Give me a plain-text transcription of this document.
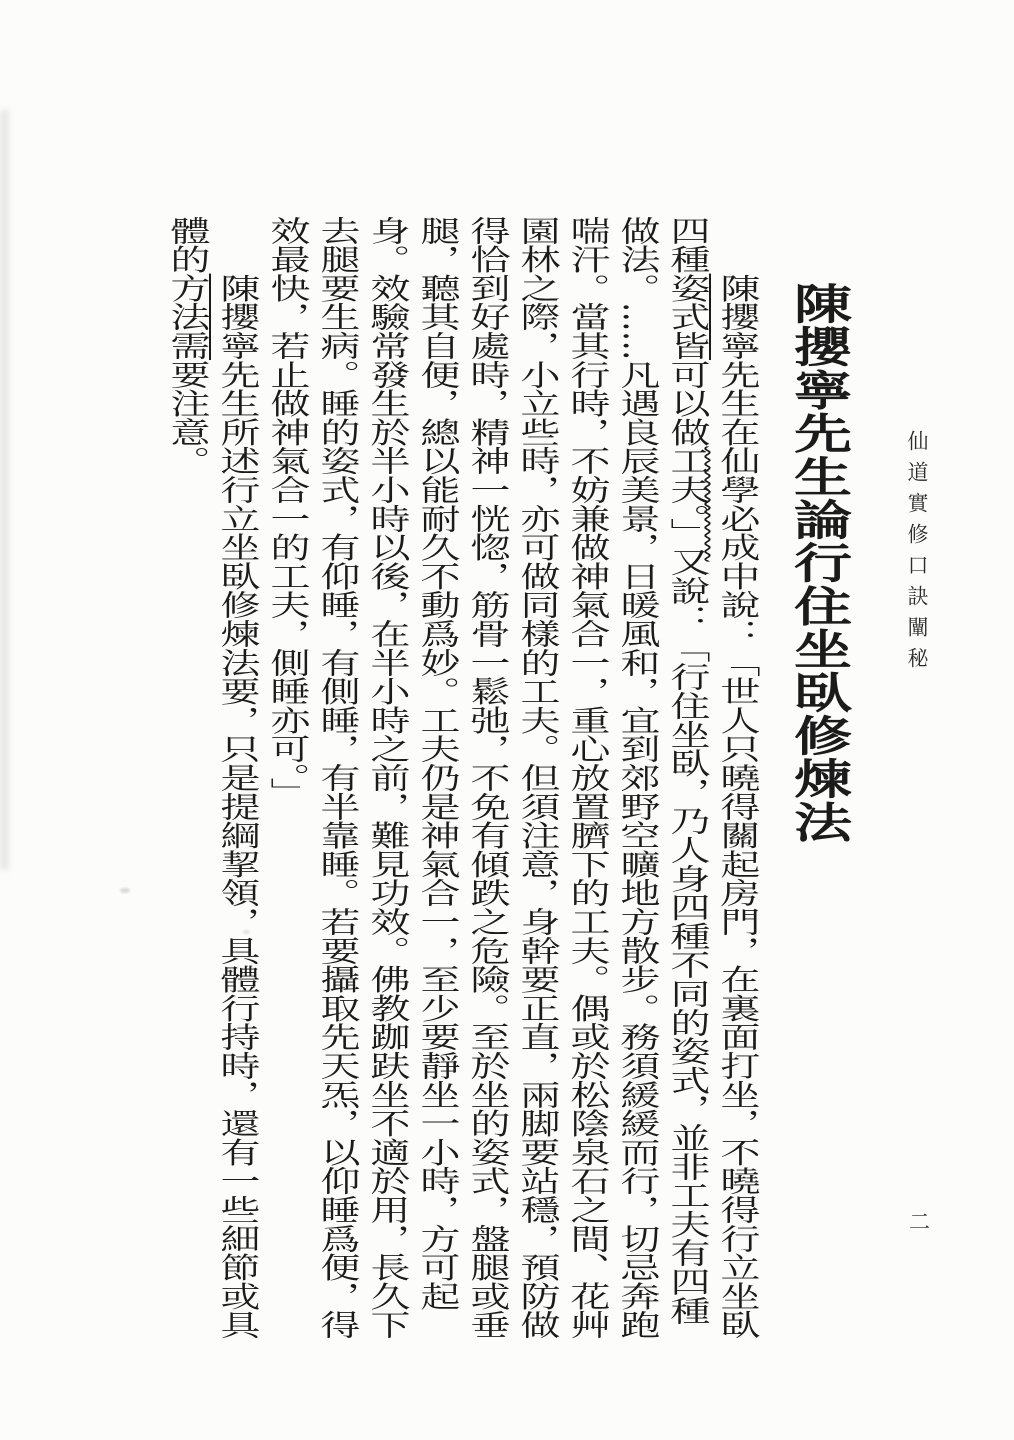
仙道實修口訣闡秘
二
陳攖寧先生論行住坐臥修煉法

陳攖寧先生在仙學必成中說：「世人只曉得關起房門，在裏面打坐，不曉得行立坐臥四種姿式皆可以做工夫。」又說：「行住坐臥，乃人身四種不同的姿式，並非工夫有四種做法。……凡遇良辰美景，日暖風和，宜到郊野空曠地方散步。務須緩緩而行，切忌奔跑喘汗。當其行時，不妨兼做神氣合一，重心放置臍下的工夫。偶或於松陰泉石之間、花艸園林之際，小立些時，亦可做同樣的工夫。但須注意，身幹要正直，兩脚要站穩，預防做得恰到好處時，精神一恍惚，筋骨一鬆弛，不免有傾跌之危險。至於坐的姿式，盤腿或垂腿，聽其自便，總以能耐久不動爲妙。工夫仍是神氣合一，至少要靜坐一小時，方可起身。效驗常發生於半小時以後，在半小時之前，難見功效。佛教跏趺坐不適於用，長久下去腿要生病。睡的姿式，有仰睡，有側睡，有半靠睡。若要攝取先天炁，以仰睡爲便，得效最快，若止做神氣合一的工夫，側睡亦可。」

陳攖寧先生所述行立坐臥修煉法要，只是提綱挈領，具體行持時，還有一些細節或具體的方法需要注意。
